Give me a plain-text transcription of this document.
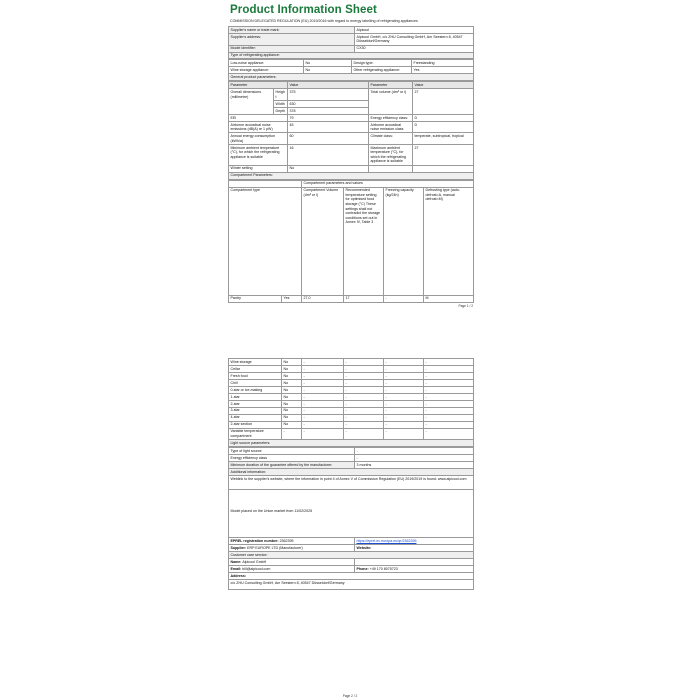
Product Information Sheet
COMMISSION DELEGATED REGULATION (EU) 2019/2016 with regard to energy labelling of refrigerating appliances
Supplier's name or trade mark:	Alpicool
Supplier's address:	Alpicool GmbH, c/o ZHU Consulting GmbH, Am Seestern 8, 40547 Düsseldorf/Germany
Model identifier:	CX30
Type of refrigerating appliance:	
Low-noise appliance:	No	Design type:	Freestanding
Wine storage appliance:	No	Other refrigerating appliance:	Yes
General product parameters:			
Parameter		Value	Parameter	Value
Overall dimensions (millimetre)	Height	375	Total volume (dm³ or l)	27
	Width	630		
	Depth	378		
EEI		79	Energy efficiency class:	D
Airborne acoustical noise emissions (dB(A) re 1 pW)		45	Airborne acoustical noise emission class	D
Annual energy consumption (kWh/a)		60	Climate class:	temperate, subtropical, tropical
Minimum ambient temperature (°C), for which the refrigerating appliance is suitable		16	Maximum ambient temperature (°C), for which the refrigerating appliance is suitable	27
Winter setting		No		
Compartment Parameters:				
		Compartment parameters and values			
Compartment type		Compartment Volume (dm³ or l)	Recommended temperature setting for optimised food storage (°C) These settings shall not contradict the storage conditions set out in Annex IV, Table 3	Freezing capacity (kg/24h)	Defrosting type (auto-defrost=A, manual defrost=M)
Pantry	Yes	27,0	17	-	M
Page 1 / 2
Wine storage	No	-	-	-	-
Cellar	No	-	-	-	-
Fresh food	No	-	-	-	-
Chill	No	-	-	-	-
0-star or ice-making	No	-	-	-	-
1-star	No	-	-	-	-
2-star	No	-	-	-	-
3-star	No	-	-	-	-
4-star	No	-	-	-	-
2-star section	No	-	-	-	-
Variable temperature compartment	-	-	-	-	-
Light source parameters:					
Type of light source	-
Energy efficiency class	-
Minimum duration of the guarantee offered by the manufacturer:	3 months
Additional information:	
Weblink to the supplier's website, where the information in point 4 of Annex V of Commission Regulation (EU) 2019/2019 is found: www.alpicool.com	

Model placed on the Union market from 11/02/2025	

EPREL registration number: 2362395	https://eprel.ec.europa.eu/qr/2362395
Supplier: ERP EUROPE LTD (Manufacturer)	Website:
Customer care service:	
Name: Alpicool GmbH	
Email: bill@alpicool.com	Phone: +49 170 8075723
Address:	
c/o ZHU Consulting GmbH, Am Seestern 8, 40547 Düsseldorf/Germany	
Page 2 / 2
